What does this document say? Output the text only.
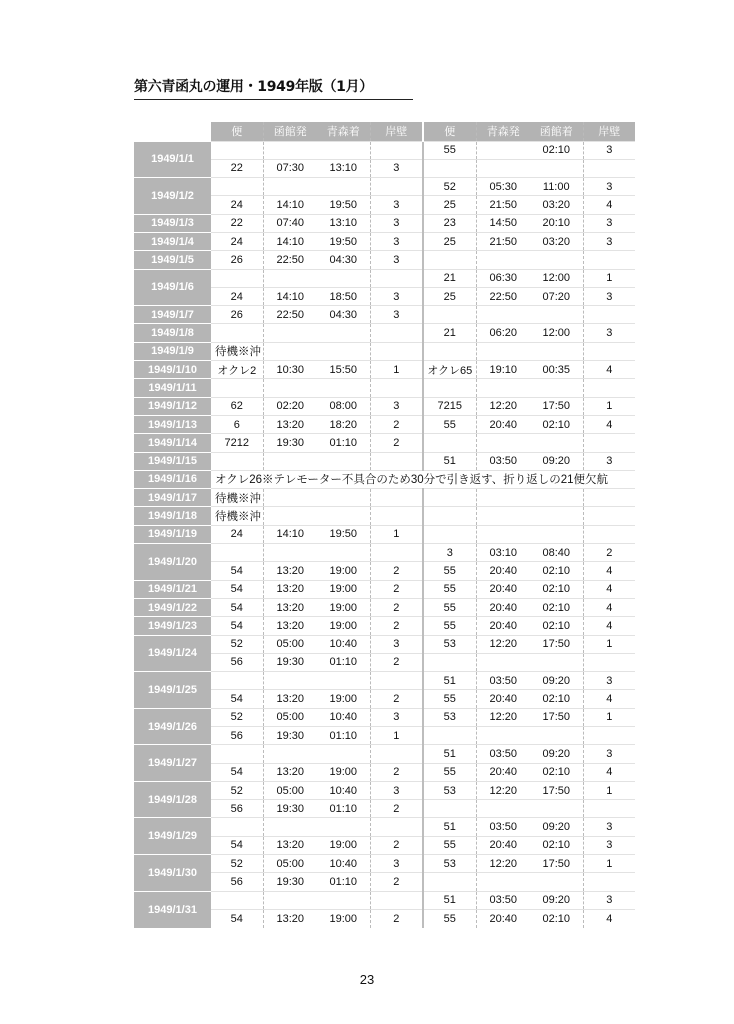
第六青函丸の運用・1949年版（1月）
	便	函館発	青森着	岸壁	便	青森発	函館着	岸壁
1949/1/1					55		02:10	3
	22	07:30	13:10	3				
1949/1/2					52	05:30	11:00	3
	24	14:10	19:50	3	25	21:50	03:20	4
1949/1/3	22	07:40	13:10	3	23	14:50	20:10	3
1949/1/4	24	14:10	19:50	3	25	21:50	03:20	3
1949/1/5	26	22:50	04:30	3				
1949/1/6					21	06:30	12:00	1
	24	14:10	18:50	3	25	22:50	07:20	3
1949/1/7	26	22:50	04:30	3				
1949/1/8					21	06:20	12:00	3
1949/1/9	待機※沖							
1949/1/10	オクレ2	10:30	15:50	1	オクレ65	19:10	00:35	4
1949/1/11								
1949/1/12	62	02:20	08:00	3	7215	12:20	17:50	1
1949/1/13	6	13:20	18:20	2	55	20:40	02:10	4
1949/1/14	7212	19:30	01:10	2				
1949/1/15					51	03:50	09:20	3
1949/1/16	オクレ26※テレモーター不具合のため30分で引き返す、折り返しの21便欠航							
1949/1/17	待機※沖							
1949/1/18	待機※沖							
1949/1/19	24	14:10	19:50	1				
1949/1/20					3	03:10	08:40	2
	54	13:20	19:00	2	55	20:40	02:10	4
1949/1/21	54	13:20	19:00	2	55	20:40	02:10	4
1949/1/22	54	13:20	19:00	2	55	20:40	02:10	4
1949/1/23	54	13:20	19:00	2	55	20:40	02:10	4
1949/1/24	52	05:00	10:40	3	53	12:20	17:50	1
	56	19:30	01:10	2				
1949/1/25					51	03:50	09:20	3
	54	13:20	19:00	2	55	20:40	02:10	4
1949/1/26	52	05:00	10:40	3	53	12:20	17:50	1
	56	19:30	01:10	1				
1949/1/27					51	03:50	09:20	3
	54	13:20	19:00	2	55	20:40	02:10	4
1949/1/28	52	05:00	10:40	3	53	12:20	17:50	1
	56	19:30	01:10	2				
1949/1/29					51	03:50	09:20	3
	54	13:20	19:00	2	55	20:40	02:10	3
1949/1/30	52	05:00	10:40	3	53	12:20	17:50	1
	56	19:30	01:10	2				
1949/1/31					51	03:50	09:20	3
	54	13:20	19:00	2	55	20:40	02:10	4
23
